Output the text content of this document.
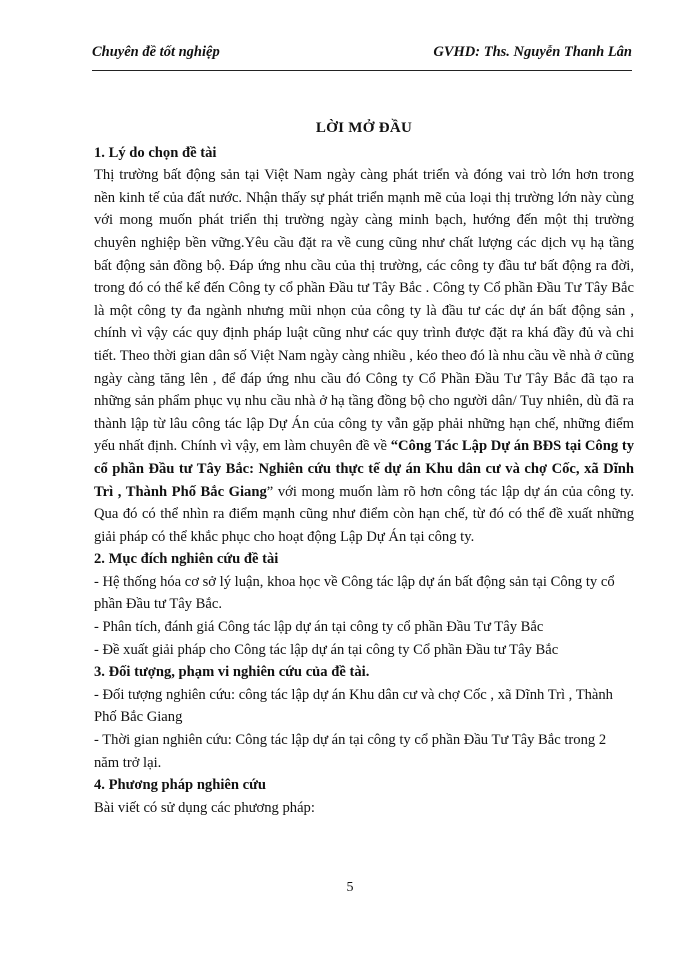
Chuyên đề tốt nghiệp	GVHD: Ths. Nguyễn Thanh Lân

LỜI MỞ ĐẦU

1. Lý do chọn đề tài

Thị trường bất động sản tại Việt Nam ngày càng phát triển và đóng vai trò lớn hơn trong nền kinh tế của đất nước. Nhận thấy sự phát triển mạnh mẽ của loại thị trường lớn này cùng với mong muốn phát triển thị trường ngày càng minh bạch, hướng đến một thị trường chuyên nghiệp bền vững.Yêu cầu đặt ra về cung cũng như chất lượng các dịch vụ hạ tầng bất động sản đồng bộ. Đáp ứng nhu cầu của thị trường, các công ty đầu tư bất động ra đời, trong đó có thể kể đến Công ty cổ phần Đầu tư Tây Bắc . Công ty Cổ phần Đầu Tư Tây Bắc là một công ty đa ngành nhưng mũi nhọn của công ty là đầu tư các dự án bất động sản , chính vì vậy các quy định pháp luật cũng như các quy trình được đặt ra khá đầy đủ và chi tiết. Theo thời gian dân số Việt Nam ngày càng nhiều , kéo theo đó là nhu cầu về nhà ở cũng ngày càng tăng lên , để đáp ứng nhu cầu đó Công ty Cổ Phần Đầu Tư Tây Bắc đã tạo ra những sản phẩm phục vụ nhu cầu nhà ở hạ tầng đồng bộ cho người dân/ Tuy nhiên, dù đã ra thành lập từ lâu công tác lập Dự Án của công ty vẫn gặp phải những hạn chế, những điểm yếu nhất định. Chính vì vậy, em làm chuyên đề về “Công Tác Lập Dự án BĐS tại Công ty cổ phần Đầu tư Tây Bắc: Nghiên cứu thực tế dự án Khu dân cư và chợ Cốc, xã Dĩnh Trì , Thành Phố Bắc Giang” với mong muốn làm rõ hơn công tác lập dự án của công ty. Qua đó có thể nhìn ra điểm mạnh cũng như điểm còn hạn chế, từ đó có thể đề xuất những giải pháp có thể khắc phục cho hoạt động Lập Dự Án tại công ty.

2. Mục đích nghiên cứu đề tài

- Hệ thống hóa cơ sở lý luận, khoa học về Công tác lập dự án bất động sản tại Công ty cổ phần Đầu tư Tây Bắc.

- Phân tích, đánh giá Công tác lập dự án tại công ty cổ phần Đầu Tư Tây Bắc

- Đề xuất giải pháp cho Công tác lập dự án tại công ty Cổ phần Đầu tư Tây Bắc

3. Đối tượng, phạm vi nghiên cứu của đề tài.

- Đối tượng nghiên cứu: công tác lập dự án Khu dân cư và chợ Cốc , xã Dĩnh Trì , Thành Phố Bắc Giang

- Thời gian nghiên cứu: Công tác lập dự án tại công ty cổ phần Đầu Tư Tây Bắc trong 2 năm trở lại.

4. Phương pháp nghiên cứu

Bài viết có sử dụng các phương pháp:

5
